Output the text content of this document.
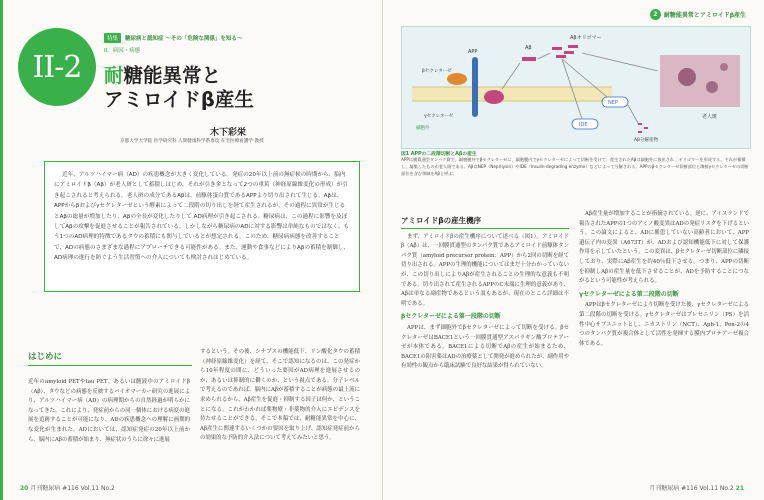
II-2
特集	糖尿病と認知症 ～その「危険な関係」を知る～
II．病因・病態
耐糖能異常と
アミロイドβ産生
木下彩栄
京都大学大学院 医学研究科 人間健康科学系専攻 在宅医療看護学 教授
近年、アルツハイマー病（AD）の疾患概念が大きく変化している。発症の20年以上前の無症候の時期から、脳内にアミロイドβ（Aβ）が老人斑として蓄積しはじめ、それが引き金となって2つの重篤（神経原線維変化の形成）が引き起こされると考えられる。老人斑の成分であるAβは、前駆体蛋白質であるAPPより切り出されて生じる。Aβは、APPからβおよびγセクレターゼという酵素によって二段階の切り出しを経て産生されるが、その過程に異常が生じるとAβの総量が増加したり、Aβの全長が変化したりして AD病理が引き起こされる。糖尿病は、この過程に影響を及ぼしてAβの攻撃を促進させることが報告されている。しかしながら糖尿病のADに対する影響は単純なものではなく、もう1つのAD病理的特徴であるタウの蓄積にも関与しているとが想定される。このため、糖尿病病態を改善することで、ADの病態のさまざまな過程にアプローチできる可能性がある。また、運動や食事などによりAβの蓄積を制御し、AD病理の進行を防ぐよう生活習慣への介入についても検討されはじめている。
はじめに
近年のamyloid PETやtau PET、あるいは髄液中のアミロイドβ（Aβ）、タウなどの病態を反映するバイオマーカー研究の進展により、アルツハイマー病（AD）の病理期からの自然経過が明らかになってきた。これにより、発症前からの同一個体における病変の進展を追跡することが可能になり、ADの疾患概念への理解に画期的な変化が生まれた。ADにおいては、認知症発症の20年以上前から、脳内にAβの蓄積が始まり、無症状のうちに徐々に進展
するという。その後、シナプスの機能低下、リン酸化タウの蓄積（神経原線維変化）を経て、そこで認知になるのは、この発症から10年程度の間に、どういった要因がAD病理を進展させるのか、あるいは抑制的に働くのか、という視点である。分子レベルで考えるのであれば、脳内にAβが蓄積することが病態の最上流に求められるから、Aβ産生を促進・抑制する因子は何か、ということになる。これがわかれば薬物療・非薬物的介入にエビデンスを持たせることができる。そこで本稿では、耐糖能異常を中心に、Aβ産生に関連するいくつかの要因を取り上げ、認知症発症前からの効果的な予防的介入法について考えてみたいと思う。
20 月刊糖尿病 #116 Vol.11 No.2
2	耐糖能異常とアミロイドβ産生
APP
βセクレターゼ
γセクレターゼ
細胞外
Aβ
Aβオリゴマー
老人斑
NEP
IDE
Aβ分解産物
図1 APPの二段階切断とAβの産生
APPは膜貫通型タンパク質で、細胞膜外でβセクレターゼに、細胞膜内でγセクレターゼによって切断を受けて、産生されたAβは細胞外に放出され、オリゴマーを形成する。それが蓄積し、凝集したものが老人斑である。AβはNEP（Neprilysin）やIDE（Insulin-degrading enzyme）などによって分解される。APPのβセクレターゼ切断部位と隣接γセクレターゼの切断部位を含む領域をAβと呼ぶ。
アミロイドβの産生機序
まず、アミロイドβの産生機序について述べる（図1）。アミロイドβ（Aβ）は、一回膜貫通型のタンパク質であるアミロイド前駆体タンパク質（amyloid precursor protein：APP）から2回の切断を経て切り出される。APPの生理的機能についてはまだ十分わかっていないが、この切り出しによりAβが産生されることの生理的な意義も不明である。切り出されて産生されるAPPのC末端に生理的意義があり、Aβは単なる副産物であるという説もあるが、現在のところ詳細は不明である。
βセクレターゼによる第一段階の切断
APPは、まず細胞外でβセクレターゼによって切断を受ける。βセクレターゼはBACE1という一回膜貫通型アスパラギン酸プロテアーゼが本体である。BACE1による切断でAβの産生が始まるため、BACE1の阻害薬はADの治療薬として開発が進められたが、副作用や有効性の観点から臨床試験で良好な結果が得られていない。
Aβ産生量が増加することが指摘されている。逆に、アイスランドで報告されたAPPの1つのアミノ酸変異はADの発症リスクを下げるという。この論文によると、ADに罹患していない高齢者において、APP遺伝子内の変異（A673T）が、ADおよび認知機能低下に対して保護作用を示していたという。この変異は、βセクレターゼ切断部位に隣接しており、実際にAβ産生を約40％低下させる。つまり、APPの切断を抑制しAβの産生量を低下させることが、ADを予防することにつながるという可能性が考えられる。
γセクレターゼによる第二段階の切断
APPはβセクレターゼにより切断を受けた後、γセクレターゼによる第二段階の切断を受ける。γセクレターゼはプレセニリン（PS）を活性中心サブユニットとし、ニカストリン（NCT）、Aph-1、Pen-2の4つのタンパク質が複合体として活性を発揮する膜内プロテアーゼ複合体である。
月刊糖尿病 #116 Vol.11 No.2 21
